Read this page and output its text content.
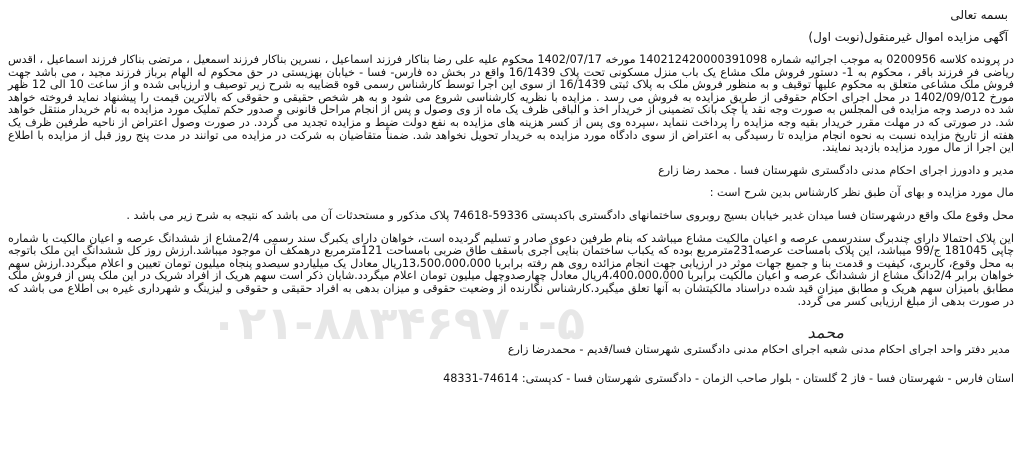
۰۲۱-۸۸۳۴۶۹۷۰-۵
بسمه تعالی
آگهی مزایده اموال غیرمنقول(نوبت اول)

در پرونده کلاسه 0200956 به موجب اجرائیه شماره 140212420000391098 مورخه 1402/07/17 محکوم علیه علی رضا بناکار فرزند اسماعیل ، نسرین بناکار فرزند اسمعیل ، مرتضی بناکار فرزند اسماعیل ، اقدس ریاضی فر فرزند باقر ، محکوم به 1- دستور فروش ملک مشاع یک باب منزل مسکونی تحت پلاک 16/1439 واقع در بخش ده فارس- فسا - خیابان بهزیستی در حق محکوم له الهام برباز فرزند مجید ، می باشد جهت فروش ملک مشاعی متعلق به محکوم علیها توقیف و به منظور فروش ملک به پلاک ثبتی 16/1439 از سوی این اجرا توسط کارشناس رسمی قوه قضاییه به شرح زیر توصیف و ارزیابی شده و از ساعت 10 الی 12 ظهر مورخ 1402/09/012 در محل اجرای احکام حقوقی از طریق مزایده به فروش می رسد . مزایده با نظریه کارشناسی شروع می شود و به هر شخص حقیقی و حقوقی که بالاترین قیمت را پیشنهاد نماید فروخته خواهد شد ده درصد وجه مزایده فی المجلس به صورت وجه نقد یا چک بانک تضمینی از خریدار اخذ و الباقی ظرف یک ماه از وی وصول و پس از انجام مراحل قانونی و صدور حکم تملیک مورد مزایده به نام خریدار منتقل خواهد شد. در صورتی که در مهلت مقرر خریدار بقیه وجه مزایده را پرداخت ننماید ،سپرده وی پس از کسر هزینه های مزایده به نفع دولت ضبط و مزایده تجدید می گردد. در صورت وصول اعتراض از ناحیه طرفین ظرف یک هفته از تاریخ مزایده نسبت به نحوه انجام مزایده تا رسیدگی به اعتراض از سوی دادگاه مورد مزایده به خریدار تحویل نخواهد شد. ضمناً متقاضیان به شرکت در مزایده می توانند در مدت پنج روز قبل از مزایده با اطلاع این اجرا از مال مورد مزایده بازدید نمایند.

مدیر و دادورز اجرای احکام مدنی دادگستری شهرستان فسا . محمد رضا زارع

مال مورد مزایده و بهای آن طبق نظر کارشناس بدین شرح است :

محل وقوع ملک واقع درشهرستان فسا میدان غدیر خیابان بسیج روبروی ساختمانهای دادگستری باکدپستی 59336-74618 پلاک مذکور و مستحدثات آن می باشد که نتیجه به شرح زیر می باشد .

این پلاک احتمالا دارای چندبرگ سندرسمی عرصه و اعیان مالکیت مشاع میباشد که بنام طرفین دعوی صادر و تسلیم گردیده است، خواهان دارای یکبرگ سند رسمی 2/4مشاع از ششدانگ عرصه و اعیان مالکیت با شماره چاپی 181045 ج/99 میباشد، این پلاک بامساحت عرصه231مترمربع بوده که یکباب ساختمان بنایی آجری باسقف طاق ضربی بامساحت 121مترمربع درهمکف آن موجود میباشد.ارزش روز کل ششدانگ این ملک باتوجه به محل وقوع، کاربری، کیفیت و قدمت بنا و جمیع جهات موثر در ارزیابی جهت انجام مزائده روی هم رفته برابربا 13،500،000،000ریال معادل یک میلیاردو سیصدو پنجاه میلیون تومان تعیین و اعلام میگردد.ارزش سهم خواهان برابر 2/4دانگ مشاع از ششدانگ عرصه و اعیان مالکیت برابربا 4،400،000،000ریال معادل چهارصدوچهل میلیون تومان اعلام میگردد.شایان ذکر است سهم هریک از افراد شریک در این ملک پس از فروش ملک مطابق بامیزان سهم هریک و مطابق میزان قید شده دراسناد مالکیتشان به آنها تعلق میگیرد.کارشناس نگارنده از وضعیت حقوقی و میزان بدهی به افراد حقیقی و حقوقی و لیزینگ و شهرداری غیره بی اطلاع می باشد که در صورت بدهی از مبلغ ارزیابی کسر می گردد.

ﻣﺤﻤﺪ

مدیر دفتر واحد اجرای احکام مدنی شعبه اجرای احکام مدنی دادگستری شهرستان فسا/قدیم - محمدرضا زارع

استان فارس - شهرستان فسا - فاز 2 گلستان - بلوار صاحب الزمان - دادگستری شهرستان فسا - کدپستی: 74614-48331
